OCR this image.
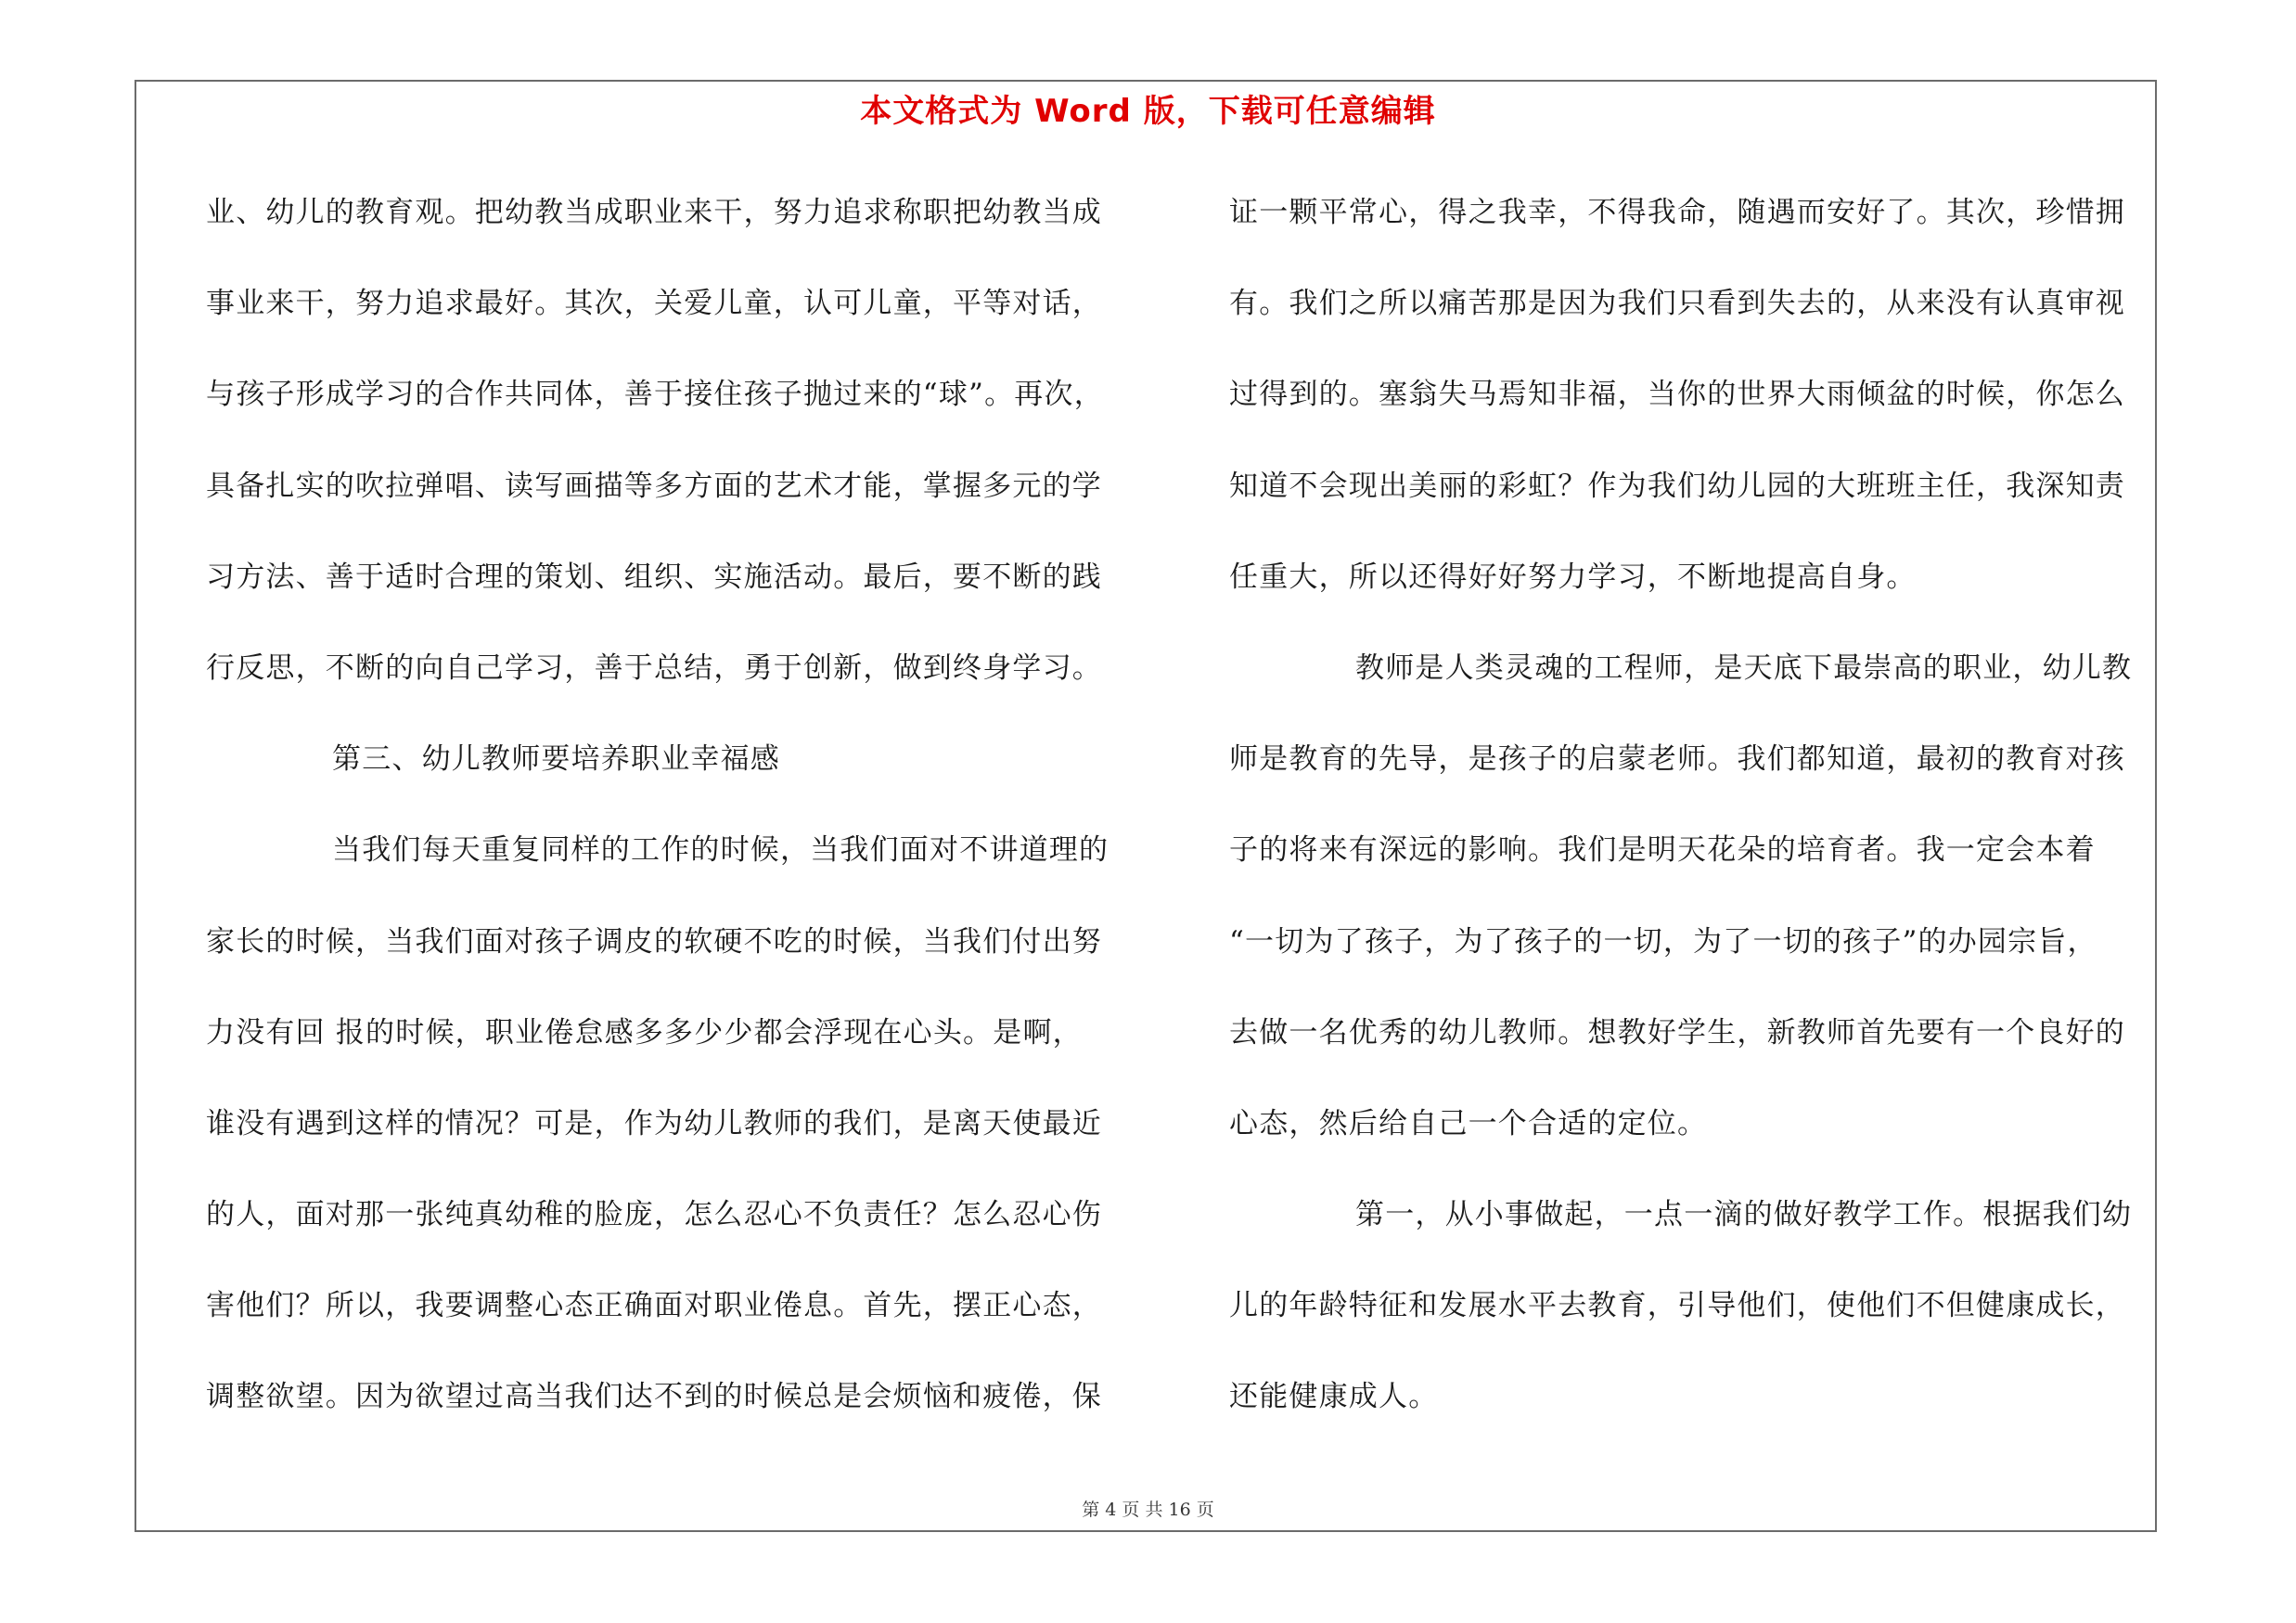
本文格式为 Word 版，下载可任意编辑
业、幼儿的教育观。把幼教当成职业来干，努力追求称职把幼教当成
事业来干，努力追求最好。其次，关爱儿童，认可儿童，平等对话，
与孩子形成学习的合作共同体，善于接住孩子抛过来的“球”。再次，
具备扎实的吹拉弹唱、读写画描等多方面的艺术才能，掌握多元的学
习方法、善于适时合理的策划、组织、实施活动。最后，要不断的践
行反思，不断的向自己学习，善于总结，勇于创新，做到终身学习。
第三、幼儿教师要培养职业幸福感
当我们每天重复同样的工作的时候，当我们面对不讲道理的
家长的时候，当我们面对孩子调皮的软硬不吃的时候，当我们付出努
力没有回 报的时候，职业倦怠感多多少少都会浮现在心头。是啊，
谁没有遇到这样的情况？可是，作为幼儿教师的我们，是离天使最近
的人，面对那一张纯真幼稚的脸庞，怎么忍心不负责任？怎么忍心伤
害他们？所以，我要调整心态正确面对职业倦息。首先，摆正心态，
调整欲望。因为欲望过高当我们达不到的时候总是会烦恼和疲倦，保
证一颗平常心，得之我幸，不得我命，随遇而安好了。其次，珍惜拥
有。我们之所以痛苦那是因为我们只看到失去的，从来没有认真审视
过得到的。塞翁失马焉知非福，当你的世界大雨倾盆的时候，你怎么
知道不会现出美丽的彩虹？作为我们幼儿园的大班班主任，我深知责
任重大，所以还得好好努力学习，不断地提高自身。
教师是人类灵魂的工程师，是天底下最崇高的职业，幼儿教
师是教育的先导，是孩子的启蒙老师。我们都知道，最初的教育对孩
子的将来有深远的影响。我们是明天花朵的培育者。我一定会本着
“一切为了孩子，为了孩子的一切，为了一切的孩子”的办园宗旨，
去做一名优秀的幼儿教师。想教好学生，新教师首先要有一个良好的
心态，然后给自己一个合适的定位。
第一，从小事做起，一点一滴的做好教学工作。根据我们幼
儿的年龄特征和发展水平去教育，引导他们，使他们不但健康成长，
还能健康成人。
第 4 页 共 16 页
